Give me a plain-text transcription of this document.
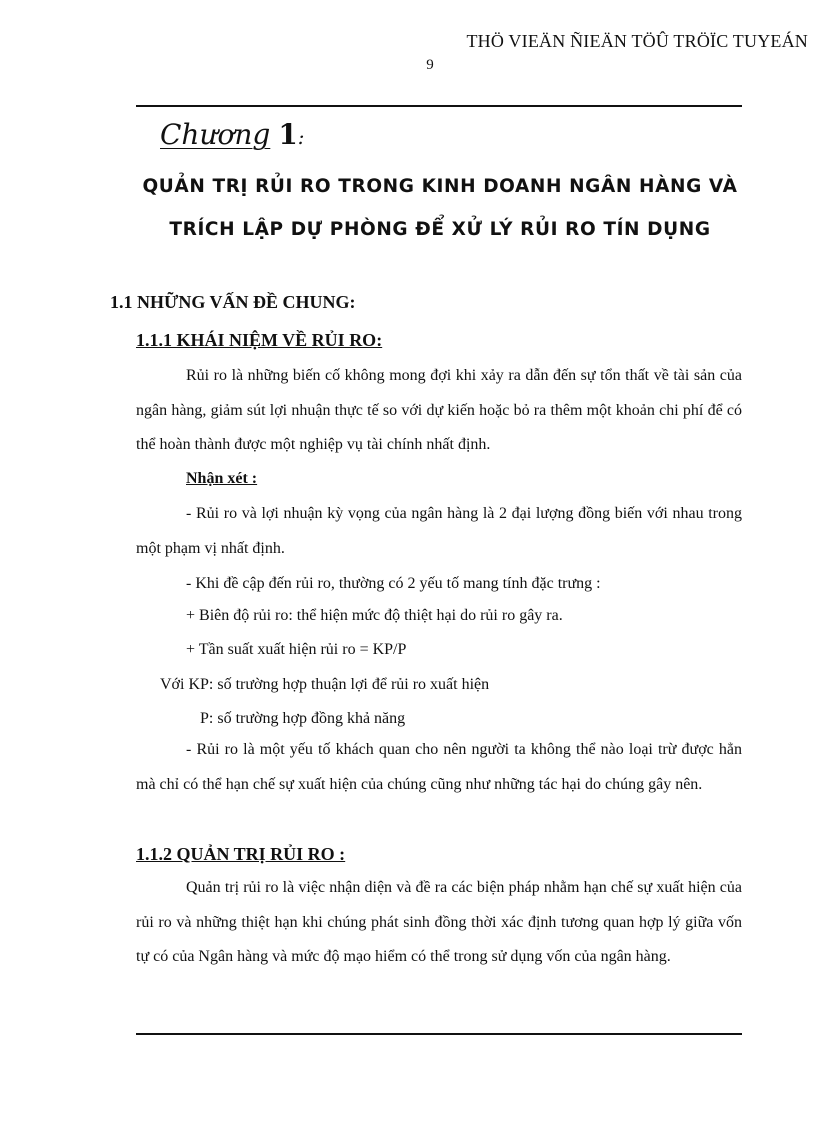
THÖ VIEÄN ÑIEÄN TÖÛ TRÖÏC TUYEÁN
9
Chương 1:
QUẢN TRỊ RỦI RO TRONG KINH DOANH NGÂN HÀNG VÀ
TRÍCH LẬP DỰ PHÒNG ĐỂ XỬ LÝ RỦI RO TÍN DỤNG
1.1 NHỮNG VẤN ĐỀ CHUNG:
1.1.1 KHÁI NIỆM VỀ RỦI RO:
Rủi ro là những biến cố không mong đợi khi xảy ra dẫn đến sự tổn thất về tài sản của ngân hàng, giảm sút lợi nhuận thực tế so với dự kiến hoặc bỏ ra thêm một khoản chi phí để có thể hoàn thành được một nghiệp vụ tài chính nhất định.
Nhận xét :
- Rủi ro và lợi nhuận kỳ vọng của ngân hàng là 2 đại lượng đồng biến với nhau trong một phạm vị nhất định.
- Khi đề cập đến rủi ro, thường có 2 yếu tố mang tính đặc trưng :
+ Biên độ rủi ro: thể hiện mức độ thiệt hại do rủi ro gây ra.
+ Tần suất xuất hiện rủi ro = KP/P
Với KP: số trường hợp thuận lợi để rủi ro xuất hiện
P: số trường hợp đồng khả năng
- Rủi ro là một yếu tố khách quan cho nên người ta không thể nào loại trừ được hẳn mà chỉ có thể hạn chế sự xuất hiện của chúng cũng như những tác hại do chúng gây nên.
1.1.2 QUẢN TRỊ RỦI RO :
Quản trị rủi ro là việc nhận diện và đề ra các biện pháp nhằm hạn chế sự xuất hiện của rủi ro và những thiệt hạn khi chúng phát sinh đồng thời xác định tương quan hợp lý giữa vốn tự có của Ngân hàng và mức độ mạo hiểm có thể trong sử dụng vốn của ngân hàng.
